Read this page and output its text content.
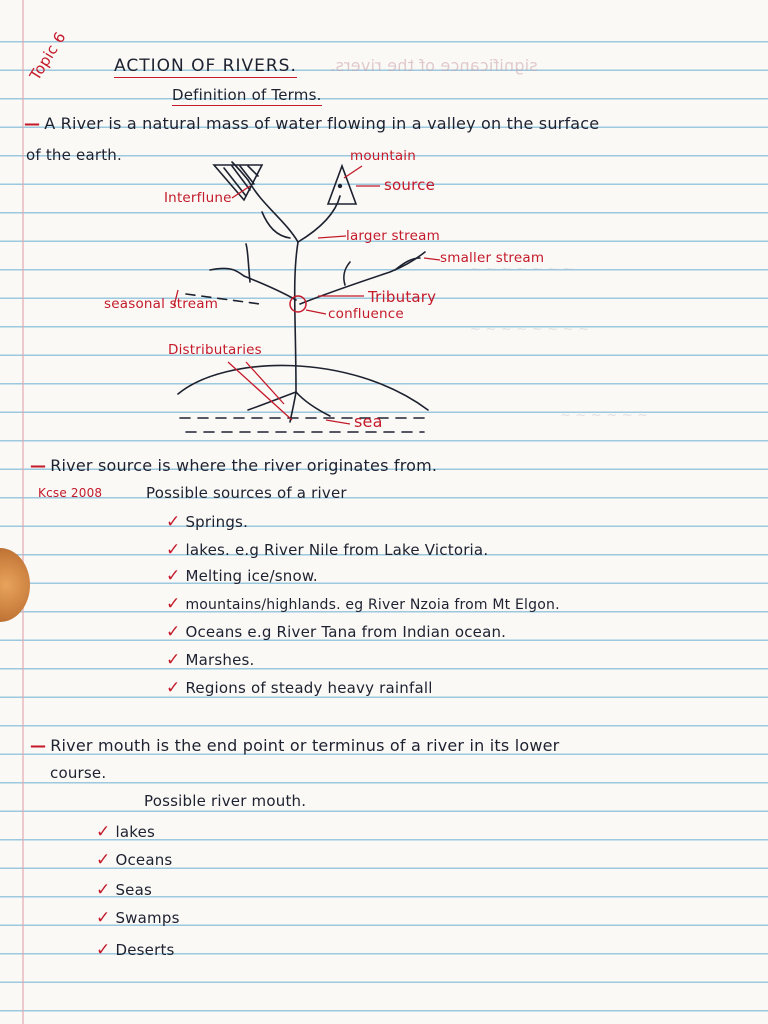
significance of the rivers.

~ ~ ~ ~ ~ ~ ~

~ ~ ~ ~ ~ ~ ~ ~

~ ~ ~ ~ ~ ~

Topic 6	ACTION OF RIVERS.

Definition of Terms.

— A River is a natural mass of water flowing in a valley on the surface

of the earth.	mountain

source

Interflune

larger stream

smaller stream

Tributary

seasonal stream

confluence

Distributaries

sea

— River source is where the river originates from.

Kcse 2008	Possible sources of a river

✓ Springs.

✓ lakes. e.g River Nile from Lake Victoria.

✓ Melting ice/snow.

✓ mountains/highlands. eg River Nzoia from Mt Elgon.

✓ Oceans e.g River Tana from Indian ocean.

✓ Marshes.

✓ Regions of steady heavy rainfall

— River mouth is the end point or terminus of a river in its lower

course.

Possible river mouth.

✓ lakes

✓ Oceans

✓ Seas

✓ Swamps

✓ Deserts
